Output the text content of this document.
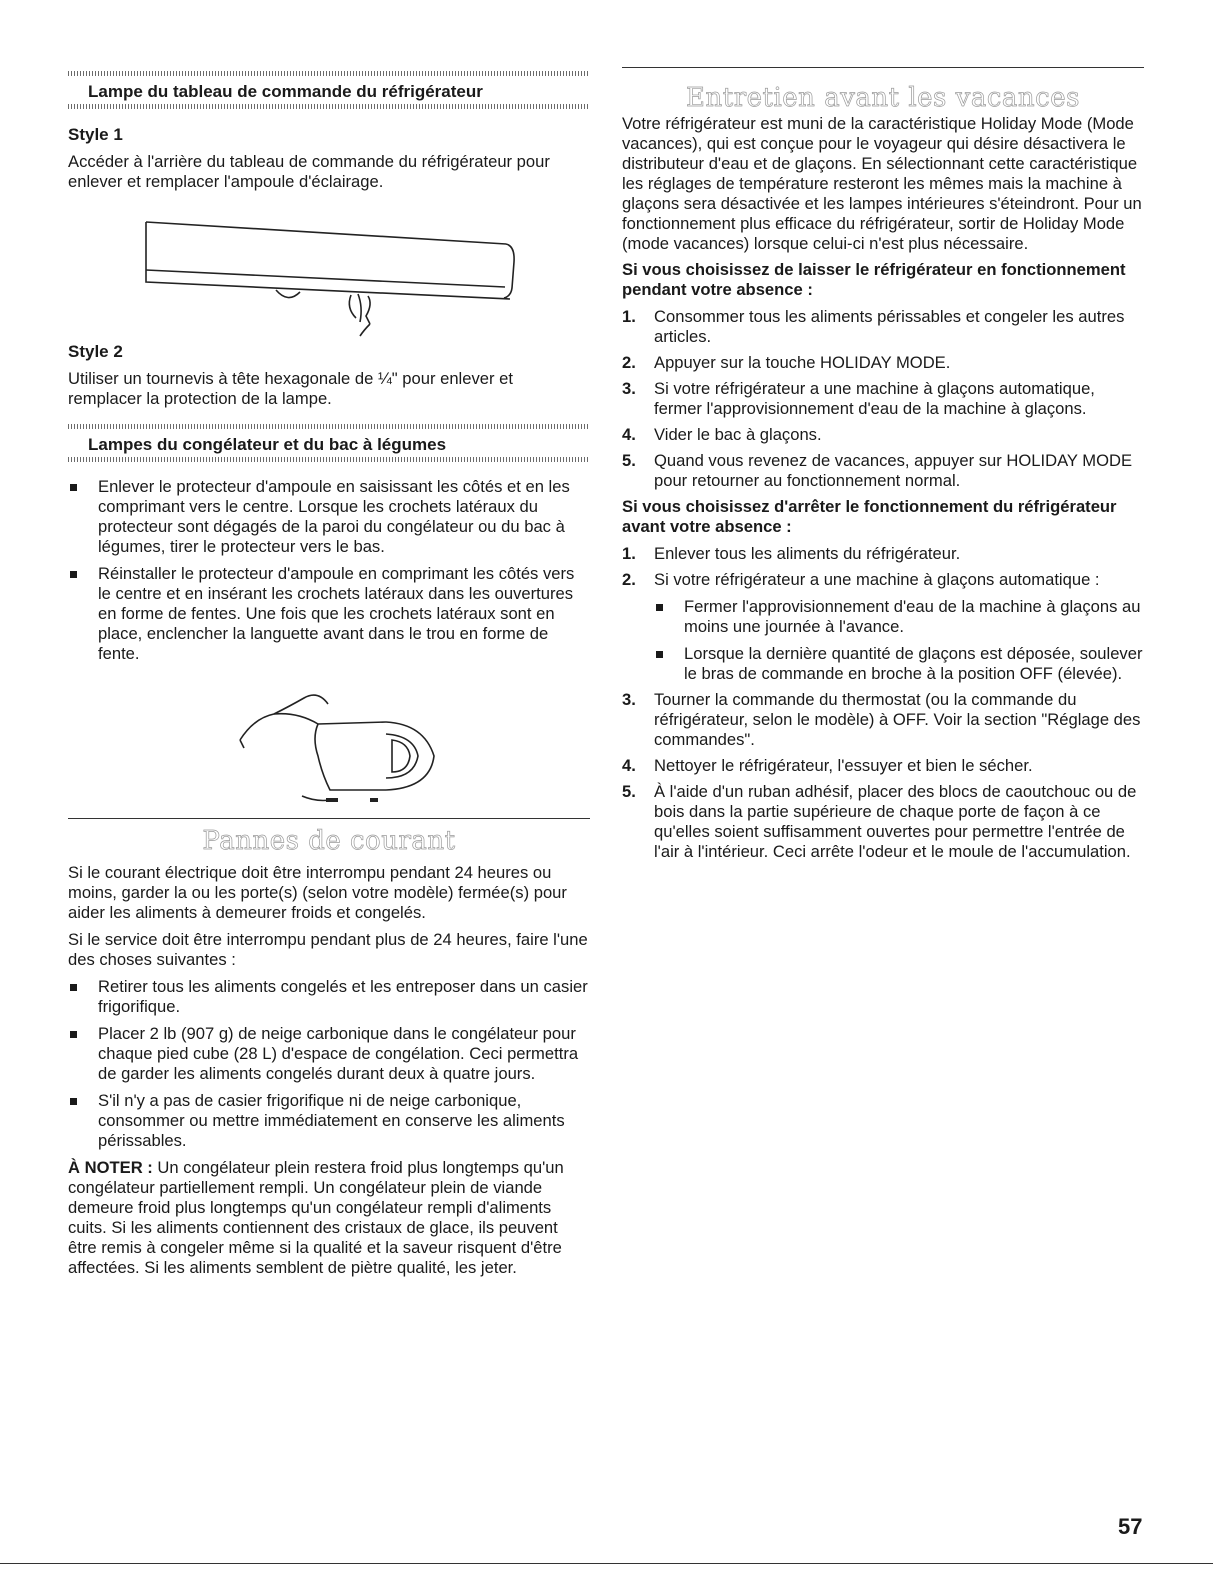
Lampe du tableau de commande du réfrigérateur
Style 1

Accéder à l'arrière du tableau de commande du réfrigérateur pour enlever et remplacer l'ampoule d'éclairage.

Style 2

Utiliser un tournevis à tête hexagonale de ¼" pour enlever et remplacer la protection de la lampe.

Lampes du congélateur et du bac à légumes
Enlever le protecteur d'ampoule en saisissant les côtés et en les comprimant vers le centre. Lorsque les crochets latéraux du protecteur sont dégagés de la paroi du congélateur ou du bac à légumes, tirer le protecteur vers le bas.
Réinstaller le protecteur d'ampoule en comprimant les côtés vers le centre et en insérant les crochets latéraux dans les ouvertures en forme de fentes. Une fois que les crochets latéraux sont en place, enclencher la languette avant dans le trou en forme de fente.
Pannes de courant

Si le courant électrique doit être interrompu pendant 24 heures ou moins, garder la ou les porte(s) (selon votre modèle) fermée(s) pour aider les aliments à demeurer froids et congelés.

Si le service doit être interrompu pendant plus de 24 heures, faire l'une des choses suivantes :

Retirer tous les aliments congelés et les entreposer dans un casier frigorifique.
Placer 2 lb (907 g) de neige carbonique dans le congélateur pour chaque pied cube (28 L) d'espace de congélation. Ceci permettra de garder les aliments congelés durant deux à quatre jours.
S'il n'y a pas de casier frigorifique ni de neige carbonique, consommer ou mettre immédiatement en conserve les aliments périssables.

À NOTER : Un congélateur plein restera froid plus longtemps qu'un congélateur partiellement rempli. Un congélateur plein de viande demeure froid plus longtemps qu'un congélateur rempli d'aliments cuits. Si les aliments contiennent des cristaux de glace, ils peuvent être remis à congeler même si la qualité et la saveur risquent d'être affectées. Si les aliments semblent de piètre qualité, les jeter.

Entretien avant les vacances

Votre réfrigérateur est muni de la caractéristique Holiday Mode (Mode vacances), qui est conçue pour le voyageur qui désire désactivera le distributeur d'eau et de glaçons. En sélectionnant cette caractéristique les réglages de température resteront les mêmes mais la machine à glaçons sera désactivée et les lampes intérieures s'éteindront. Pour un fonctionnement plus efficace du réfrigérateur, sortir de Holiday Mode (mode vacances) lorsque celui-ci n'est plus nécessaire.

Si vous choisissez de laisser le réfrigérateur en fonctionnement pendant votre absence :

1.	Consommer tous les aliments périssables et congeler les autres articles.
2.	Appuyer sur la touche HOLIDAY MODE.
3.	Si votre réfrigérateur a une machine à glaçons automatique, fermer l'approvisionnement d'eau de la machine à glaçons.
4.	Vider le bac à glaçons.
5.	Quand vous revenez de vacances, appuyer sur HOLIDAY MODE pour retourner au fonctionnement normal.

Si vous choisissez d'arrêter le fonctionnement du réfrigérateur avant votre absence :

1.	Enlever tous les aliments du réfrigérateur.
2.	Si votre réfrigérateur a une machine à glaçons automatique :
Fermer l'approvisionnement d'eau de la machine à glaçons au moins une journée à l'avance.
Lorsque la dernière quantité de glaçons est déposée, soulever le bras de commande en broche à la position OFF (élevée).
3.	Tourner la commande du thermostat (ou la commande du réfrigérateur, selon le modèle) à OFF. Voir la section "Réglage des commandes".
4.	Nettoyer le réfrigérateur, l'essuyer et bien le sécher.
5.	À l'aide d'un ruban adhésif, placer des blocs de caoutchouc ou de bois dans la partie supérieure de chaque porte de façon à ce qu'elles soient suffisamment ouvertes pour permettre l'entrée de l'air à l'intérieur. Ceci arrête l'odeur et le moule de l'accumulation.
57
